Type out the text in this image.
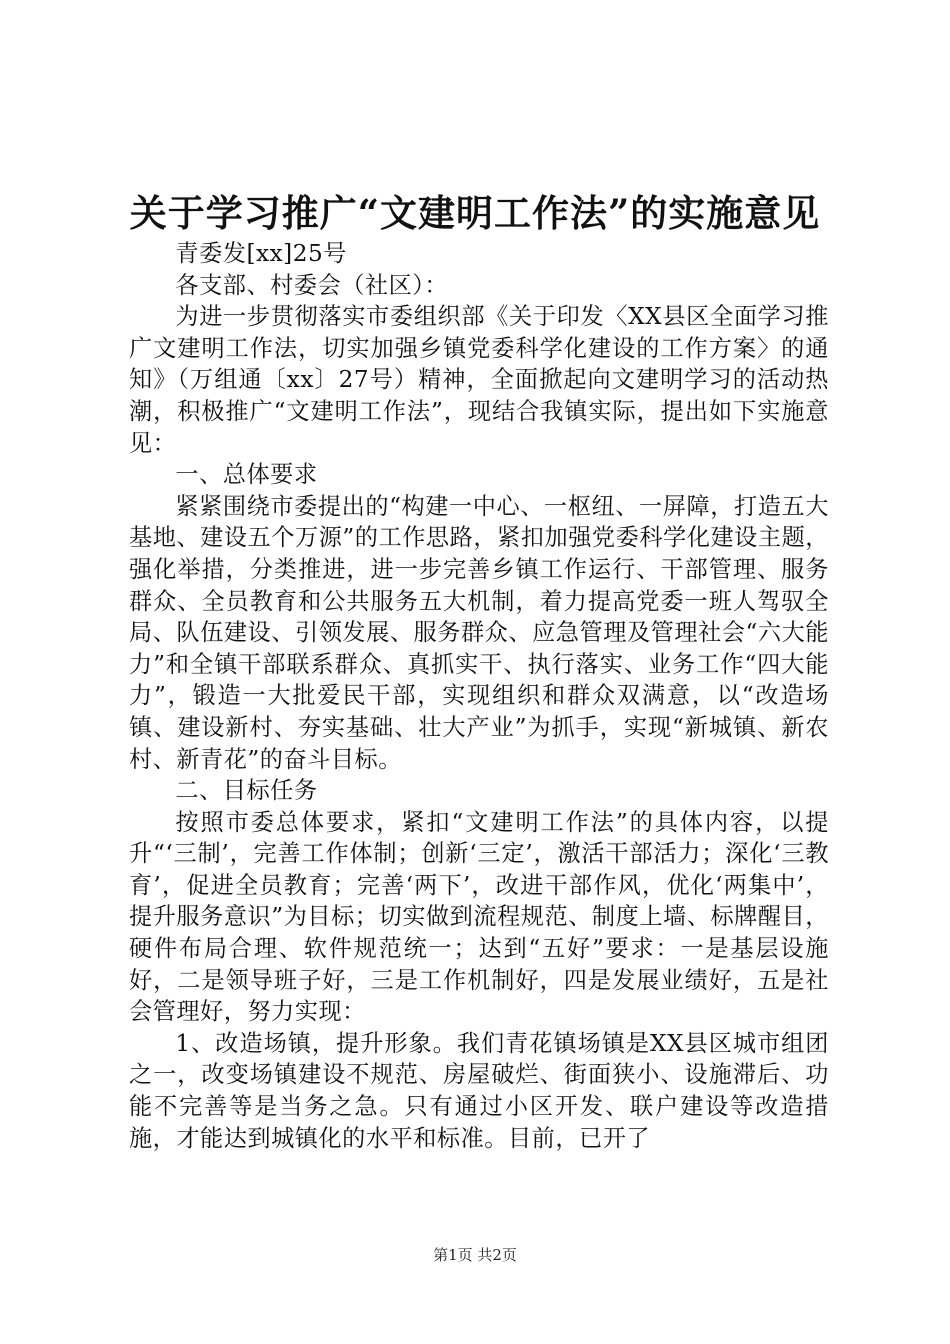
关于学习推广“文建明工作法”的实施意见

青委发[xx]25号

各支部、村委会（社区）：

为进一步贯彻落实市委组织部《关于印发〈XX县区全面学习推广文建明工作法，切实加强乡镇党委科学化建设的工作方案〉的通知》（万组通〔xx〕27号）精神，全面掀起向文建明学习的活动热潮，积极推广“文建明工作法”，现结合我镇实际，提出如下实施意见：

一、总体要求

紧紧围绕市委提出的“构建一中心、一枢纽、一屏障，打造五大基地、建设五个万源”的工作思路，紧扣加强党委科学化建设主题，强化举措，分类推进，进一步完善乡镇工作运行、干部管理、服务群众、全员教育和公共服务五大机制，着力提高党委一班人驾驭全局、队伍建设、引领发展、服务群众、应急管理及管理社会“六大能力”和全镇干部联系群众、真抓实干、执行落实、业务工作“四大能力”，锻造一大批爱民干部，实现组织和群众双满意，以“改造场镇、建设新村、夯实基础、壮大产业”为抓手，实现“新城镇、新农村、新青花”的奋斗目标。

二、目标任务

按照市委总体要求，紧扣“文建明工作法”的具体内容，以提升“‘三制’，完善工作体制；创新‘三定’，激活干部活力；深化‘三教育’，促进全员教育；完善‘两下’，改进干部作风，优化‘两集中’，提升服务意识”为目标；切实做到流程规范、制度上墙、标牌醒目，硬件布局合理、软件规范统一；达到“五好”要求：一是基层设施好，二是领导班子好，三是工作机制好，四是发展业绩好，五是社会管理好，努力实现：

1、改造场镇，提升形象。我们青花镇场镇是XX县区城市组团之一，改变场镇建设不规范、房屋破烂、街面狭小、设施滞后、功能不完善等是当务之急。只有通过小区开发、联户建设等改造措施，才能达到城镇化的水平和标准。目前，已开了

第1页 共2页
